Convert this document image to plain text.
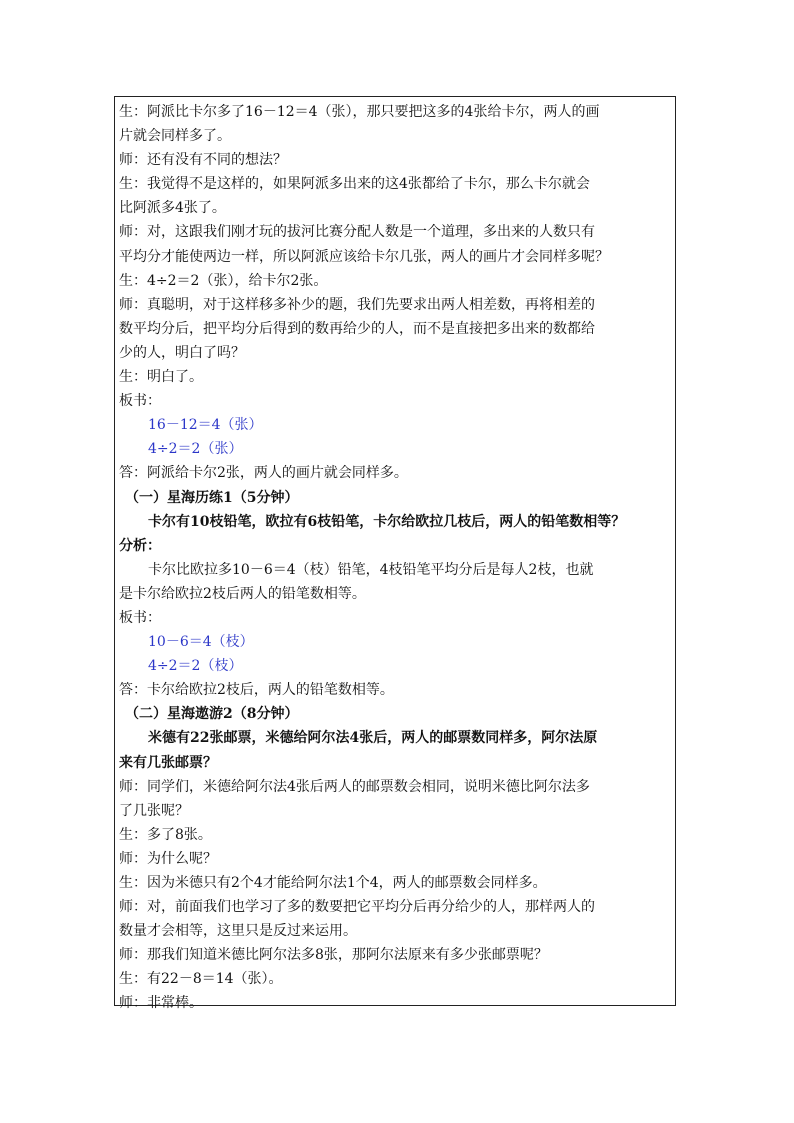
生：阿派比卡尔多了16－12＝4（张），那只要把这多的4张给卡尔，两人的画
片就会同样多了。
师：还有没有不同的想法？
生：我觉得不是这样的，如果阿派多出来的这4张都给了卡尔，那么卡尔就会
比阿派多4张了。
师：对，这跟我们刚才玩的拔河比赛分配人数是一个道理，多出来的人数只有
平均分才能使两边一样，所以阿派应该给卡尔几张，两人的画片才会同样多呢？
生：4÷2＝2（张），给卡尔2张。
师：真聪明，对于这样移多补少的题，我们先要求出两人相差数，再将相差的
数平均分后，把平均分后得到的数再给少的人，而不是直接把多出来的数都给
少的人，明白了吗？
生：明白了。
板书：
16－12＝4（张）
4÷2＝2（张）
答：阿派给卡尔2张，两人的画片就会同样多。
（一）星海历练1（5分钟）
卡尔有10枝铅笔，欧拉有6枝铅笔，卡尔给欧拉几枝后，两人的铅笔数相等？
分析：
卡尔比欧拉多10－6＝4（枝）铅笔，4枝铅笔平均分后是每人2枝，也就
是卡尔给欧拉2枝后两人的铅笔数相等。
板书：
10－6＝4（枝）
4÷2＝2（枝）
答：卡尔给欧拉2枝后，两人的铅笔数相等。
（二）星海遨游2（8分钟）
米德有22张邮票，米德给阿尔法4张后，两人的邮票数同样多，阿尔法原
来有几张邮票？
师：同学们，米德给阿尔法4张后两人的邮票数会相同，说明米德比阿尔法多
了几张呢？
生：多了8张。
师：为什么呢？
生：因为米德只有2个4才能给阿尔法1个4，两人的邮票数会同样多。
师：对，前面我们也学习了多的数要把它平均分后再分给少的人，那样两人的
数量才会相等，这里只是反过来运用。
师：那我们知道米德比阿尔法多8张，那阿尔法原来有多少张邮票呢？
生：有22－8＝14（张）。
师：非常棒。
